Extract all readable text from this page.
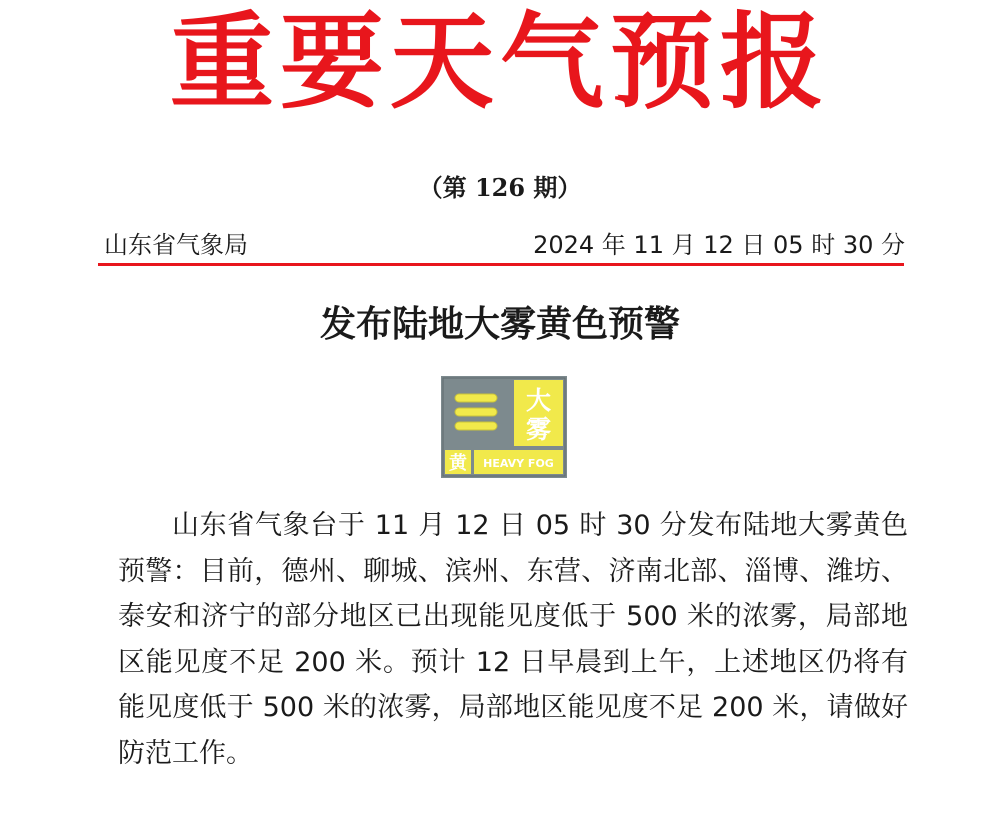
重要天气预报
（第 126 期）
山东省气象局	2024 年 11 月 12 日 05 时 30 分
发布陆地大雾黄色预警
大
雾
黄 HEAVY FOG

山东省气象台于 11 月 12 日 05 时 30 分发布陆地大雾黄色预警：目前，德州、聊城、滨州、东营、济南北部、淄博、潍坊、泰安和济宁的部分地区已出现能见度低于 500 米的浓雾，局部地区能见度不足 200 米。预计 12 日早晨到上午，上述地区仍将有能见度低于 500 米的浓雾，局部地区能见度不足 200 米，请做好防范工作。
